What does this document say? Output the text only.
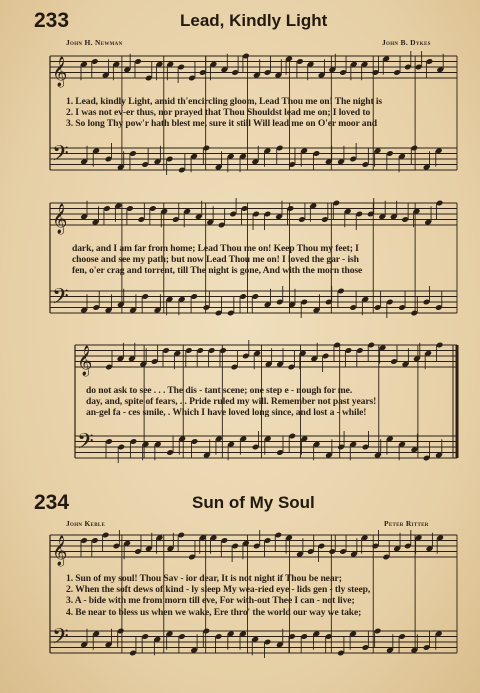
233	Lead, Kindly Light
John H. Newman	John B. Dykes
𝄞
𝄢
𝄞
𝄢
𝄞
𝄢
𝄞
𝄢
1. Lead, kindly Light, amid th'encircling gloom, Lead Thou me on! The night is
2. I was not ev-er thus, nor prayed that Thou Shouldst lead me on; I loved to
3. So long Thy pow'r hath blest me, sure it still Will lead me on O'er moor and
dark, and I am far from home; Lead Thou me on! Keep Thou my feet; I
choose and see my path; but now Lead Thou me on! I loved the gar - ish
fen, o'er crag and torrent, till The night is gone, And with the morn those
do not ask to see . . . The dis - tant scene; one step e - nough for me.
day, and, spite of fears, . . Pride ruled my will. Remember not past years!
an-gel fa - ces smile, . Which I have loved long since, and lost a - while!
234	Sun of My Soul
John Keble	Peter Ritter
1. Sun of my soul! Thou Sav - ior dear, It is not night if Thou be near;
2. When the soft dews of kind - ly sleep My wea-ried eye - lids gen - tly steep,
3. A - bide with me from morn till eve, For with-out Thee I can - not live;
4. Be near to bless us when we wake, Ere thro' the world our way we take;
